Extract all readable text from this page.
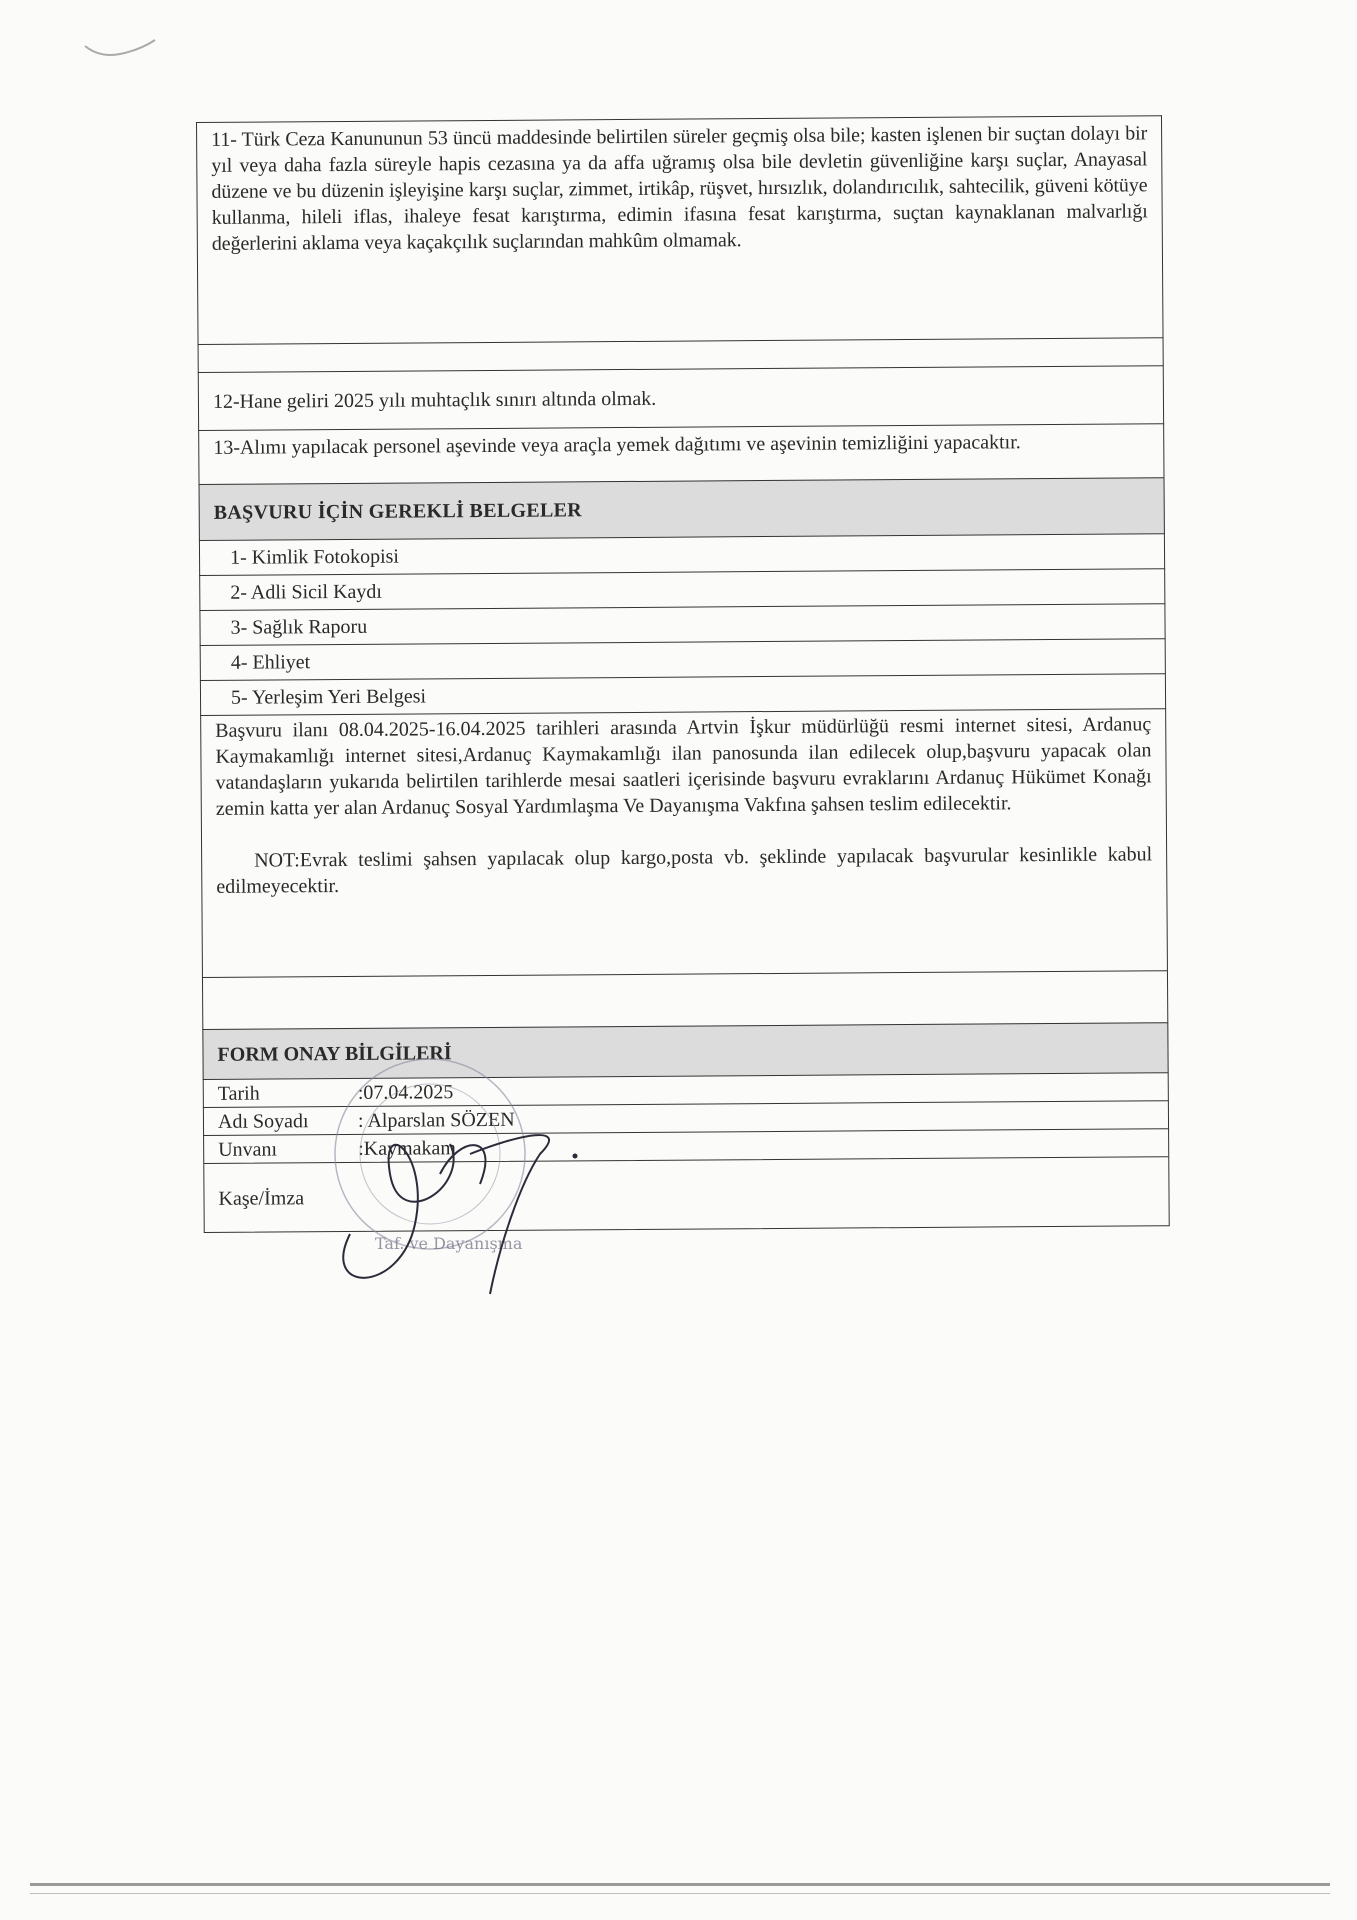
11- Türk Ceza Kanununun 53 üncü maddesinde belirtilen süreler geçmiş olsa bile; kasten işlenen bir suçtan dolayı bir yıl veya daha fazla süreyle hapis cezasına ya da affa uğramış olsa bile devletin güvenliğine karşı suçlar, Anayasal düzene ve bu düzenin işleyişine karşı suçlar, zimmet, irtikâp, rüşvet, hırsızlık, dolandırıcılık, sahtecilik, güveni kötüye kullanma, hileli iflas, ihaleye fesat karıştırma, edimin ifasına fesat karıştırma, suçtan kaynaklanan malvarlığı değerlerini aklama veya kaçakçılık suçlarından mahkûm olmamak.
12-Hane geliri 2025 yılı muhtaçlık sınırı altında olmak.
13-Alımı yapılacak personel aşevinde veya araçla yemek dağıtımı ve aşevinin temizliğini yapacaktır.
BAŞVURU İÇİN GEREKLİ BELGELER
1- Kimlik Fotokopisi
2- Adli Sicil Kaydı
3- Sağlık Raporu
4- Ehliyet
5- Yerleşim Yeri Belgesi
Başvuru ilanı 08.04.2025-16.04.2025 tarihleri arasında Artvin İşkur müdürlüğü resmi internet sitesi, Ardanuç Kaymakamlığı internet sitesi,Ardanuç Kaymakamlığı ilan panosunda ilan edilecek olup,başvuru yapacak olan vatandaşların yukarıda belirtilen tarihlerde mesai saatleri içerisinde başvuru evraklarını Ardanuç Hükümet Konağı zemin katta yer alan Ardanuç Sosyal Yardımlaşma Ve Dayanışma Vakfına şahsen teslim edilecektir.
NOT:Evrak teslimi şahsen yapılacak olup kargo,posta vb. şeklinde yapılacak başvurular kesinlikle kabul edilmeyecektir.
FORM ONAY BİLGİLERİ
Tarih	:07.04.2025
Adı Soyadı	: Alparslan SÖZEN
Unvanı	:Kaymakam
Kaşe/İmza
Taf. ve Dayanışma
